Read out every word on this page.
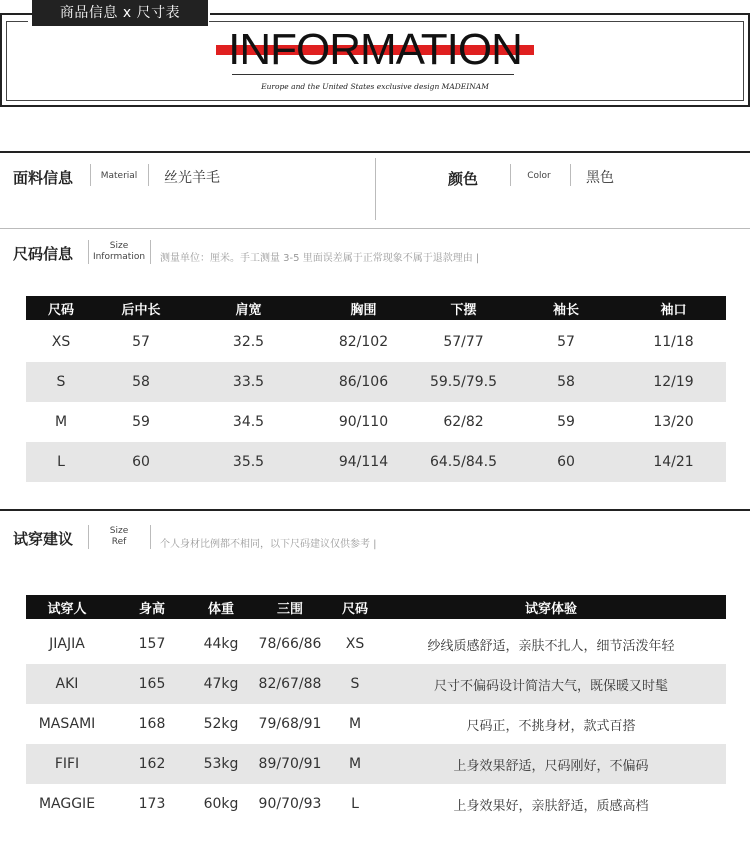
商品信息 x 尺寸表
INFORMATION
Europe and the United States exclusive design MADEINAM
面料信息	Material	丝光羊毛	颜色	Color	黑色
尺码信息	Size
Information 测量单位：厘米。手工测量 3-5 里面误差属于正常现象不属于退款理由 |
尺码	后中长	肩宽	胸围	下摆	袖长	袖口
XS	57	32.5	82/102	57/77	57	11/18
S	58	33.5	86/106	59.5/79.5	58	12/19
M	59	34.5	90/110	62/82	59	13/20
L	60	35.5	94/114	64.5/84.5	60	14/21
试穿建议	Size
Ref	个人身材比例都不相同，以下尺码建议仅供参考 |
试穿人	身高	体重	三围	尺码	试穿体验
JIAJIA	157	44kg	78/66/86	XS	纱线质感舒适，亲肤不扎人，细节活泼年轻
AKI	165	47kg	82/67/88	S	尺寸不偏码设计简洁大气，既保暖又时髦
MASAMI	168	52kg	79/68/91	M	尺码正，不挑身材，款式百搭
FIFI	162	53kg	89/70/91	M	上身效果舒适，尺码刚好，不偏码
MAGGIE	173	60kg	90/70/93	L	上身效果好，亲肤舒适，质感高档
